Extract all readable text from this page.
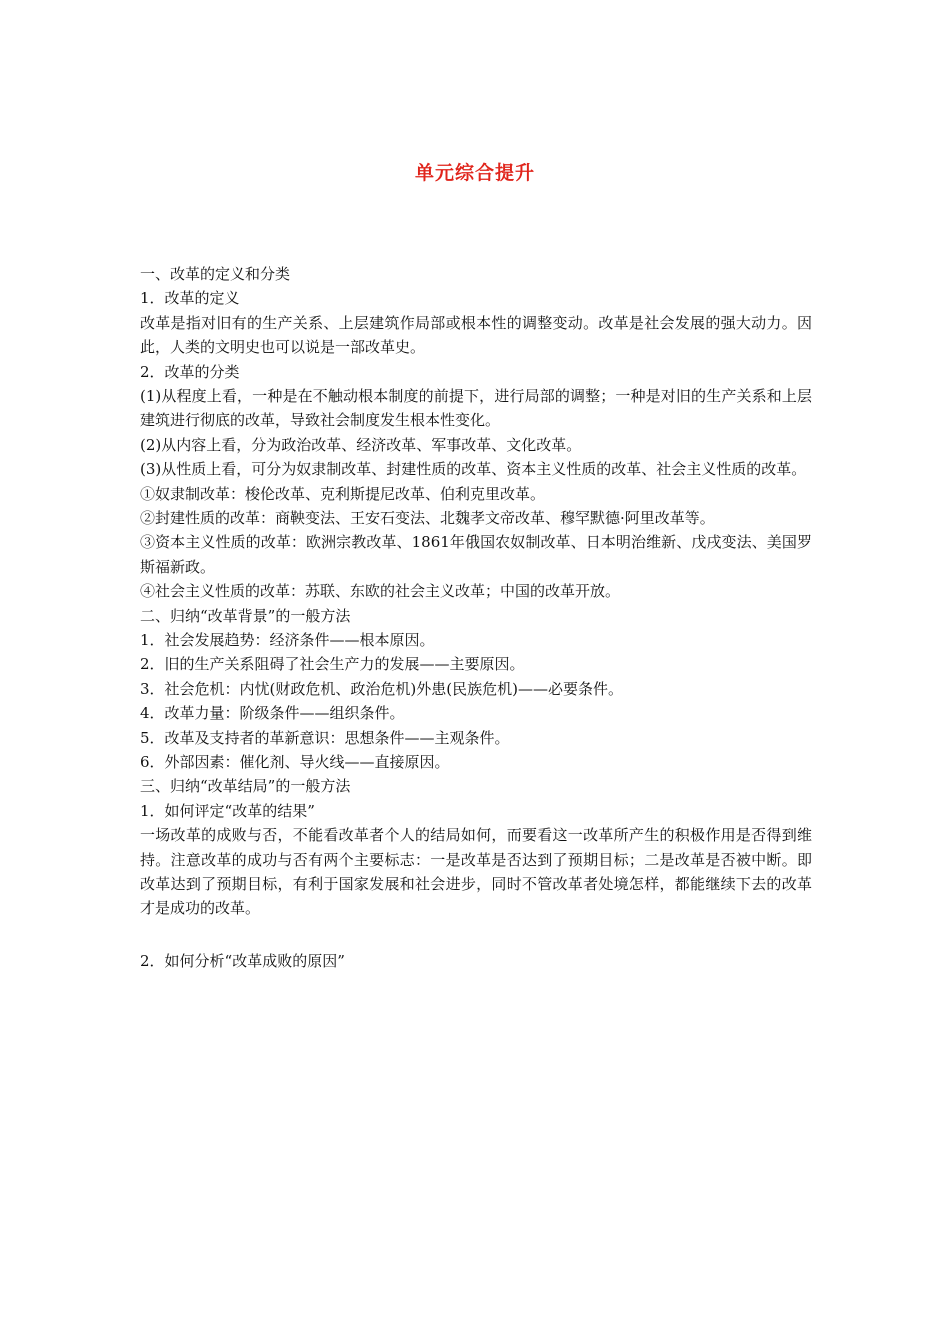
单元综合提升

一、改革的定义和分类

1．改革的定义

改革是指对旧有的生产关系、上层建筑作局部或根本性的调整变动。改革是社会发展的强大动力。因此，人类的文明史也可以说是一部改革史。

2．改革的分类

(1)从程度上看，一种是在不触动根本制度的前提下，进行局部的调整；一种是对旧的生产关系和上层建筑进行彻底的改革，导致社会制度发生根本性变化。

(2)从内容上看，分为政治改革、经济改革、军事改革、文化改革。

(3)从性质上看，可分为奴隶制改革、封建性质的改革、资本主义性质的改革、社会主义性质的改革。

①奴隶制改革：梭伦改革、克利斯提尼改革、伯利克里改革。

②封建性质的改革：商鞅变法、王安石变法、北魏孝文帝改革、穆罕默德·阿里改革等。

③资本主义性质的改革：欧洲宗教改革、1861年俄国农奴制改革、日本明治维新、戊戌变法、美国罗斯福新政。

④社会主义性质的改革：苏联、东欧的社会主义改革；中国的改革开放。

二、归纳“改革背景”的一般方法

1．社会发展趋势：经济条件——根本原因。

2．旧的生产关系阻碍了社会生产力的发展——主要原因。

3．社会危机：内忧(财政危机、政治危机)外患(民族危机)——必要条件。

4．改革力量：阶级条件——组织条件。

5．改革及支持者的革新意识：思想条件——主观条件。

6．外部因素：催化剂、导火线——直接原因。

三、归纳“改革结局”的一般方法

1．如何评定“改革的结果”

一场改革的成败与否，不能看改革者个人的结局如何，而要看这一改革所产生的积极作用是否得到维持。注意改革的成功与否有两个主要标志：一是改革是否达到了预期目标；二是改革是否被中断。即改革达到了预期目标，有利于国家发展和社会进步，同时不管改革者处境怎样，都能继续下去的改革才是成功的改革。

2．如何分析“改革成败的原因”
